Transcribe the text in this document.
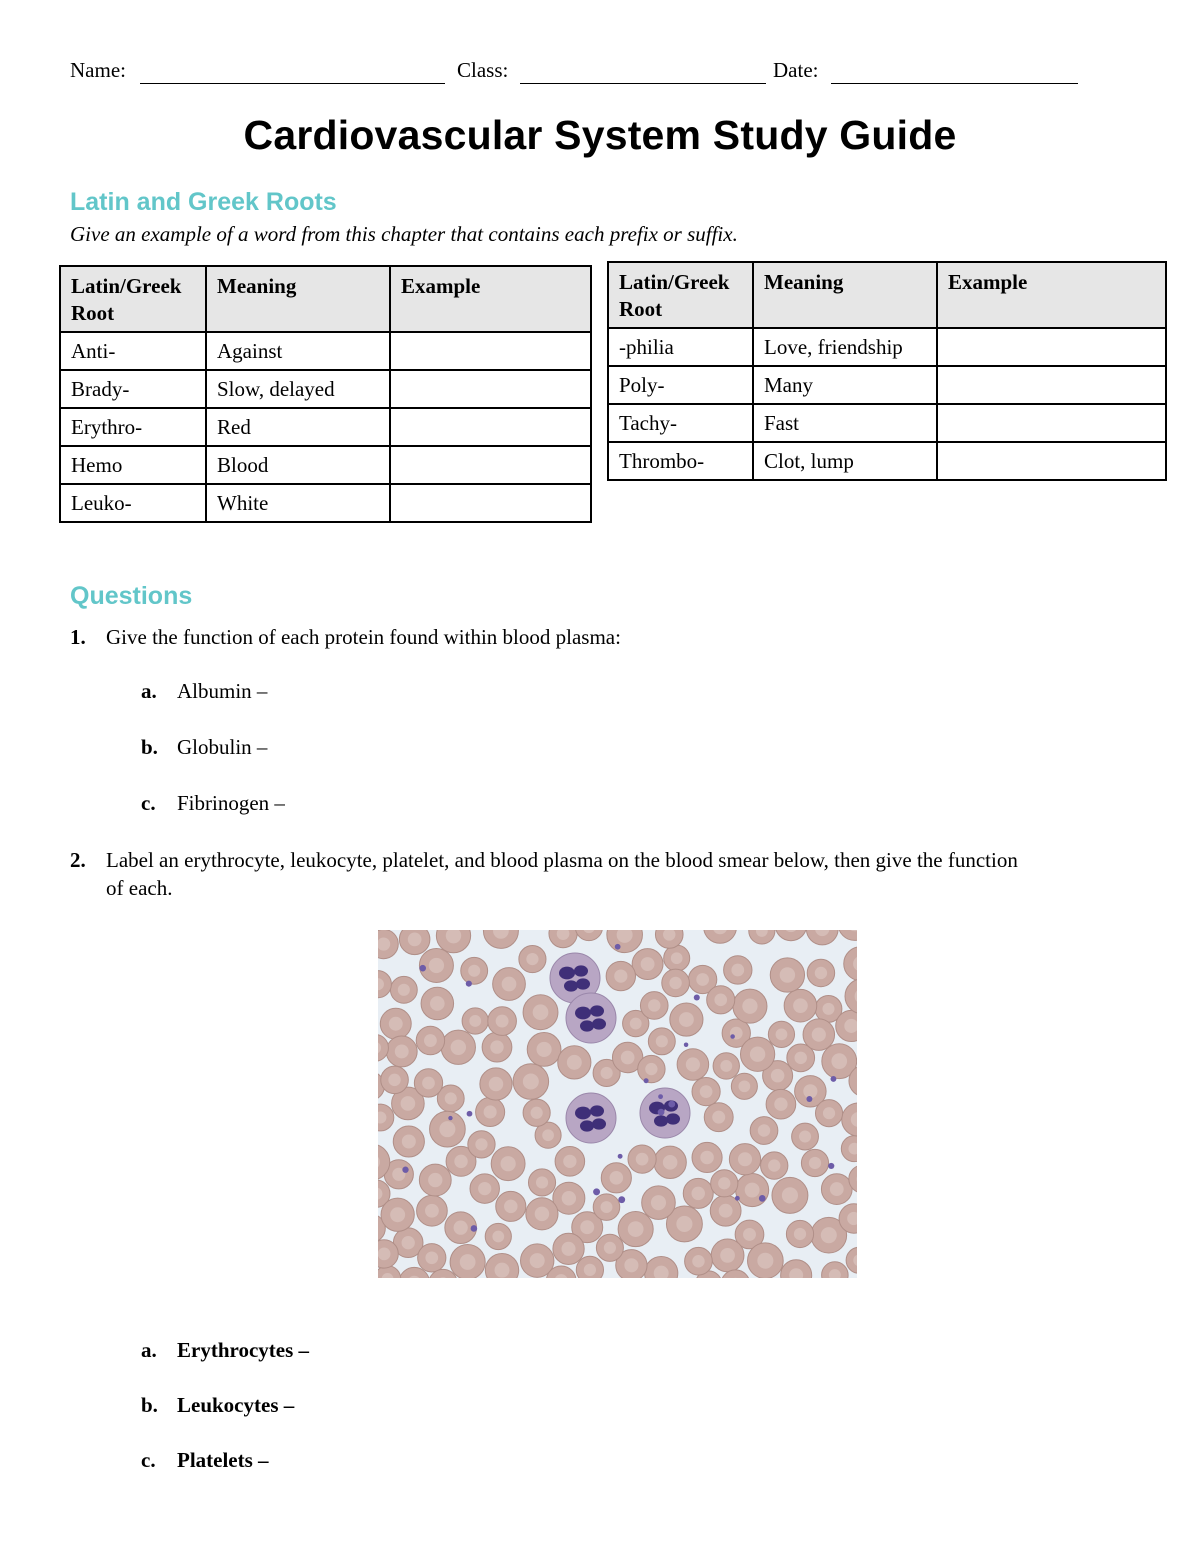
Name:	Class:	Date:
Cardiovascular System Study Guide
Latin and Greek Roots
Give an example of a word from this chapter that contains each prefix or suffix.
Latin/Greek Root	Meaning	Example
Anti-	Against	
Brady-	Slow, delayed	
Erythro-	Red	
Hemo	Blood	
Leuko-	White	
Latin/Greek Root	Meaning	Example
-philia	Love, friendship	
Poly-	Many	
Tachy-	Fast	
Thrombo-	Clot, lump	
Questions
1. Give the function of each protein found within blood plasma:
a. Albumin –
b. Globulin –
c. Fibrinogen –
2. Label an erythrocyte, leukocyte, platelet, and blood plasma on the blood smear below, then give the function
of each.
a. Erythrocytes –
b. Leukocytes –
c. Platelets –
